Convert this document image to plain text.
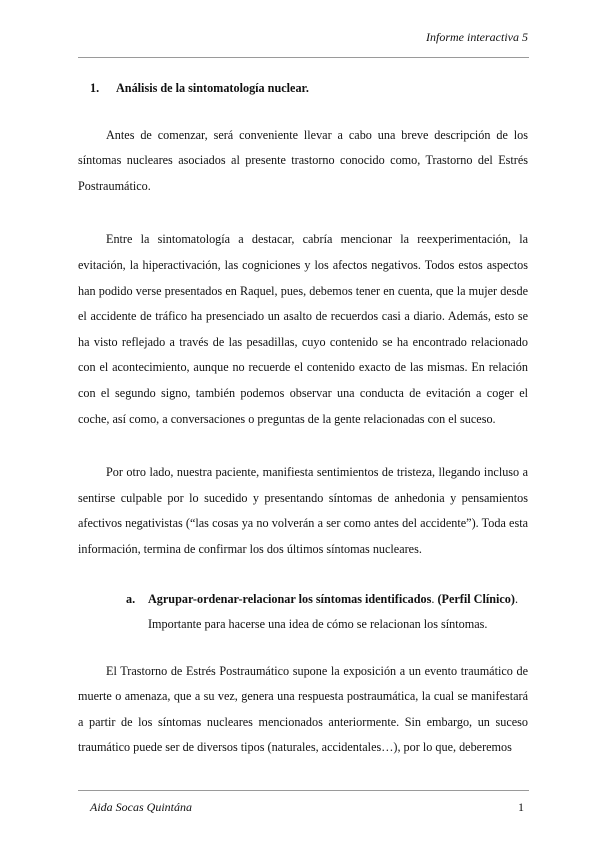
Informe interactiva 5
1. Análisis de la sintomatología nuclear.

Antes de comenzar, será conveniente llevar a cabo una breve descripción de los síntomas nucleares asociados al presente trastorno conocido como, Trastorno del Estrés Postraumático.

Entre la sintomatología a destacar, cabría mencionar la reexperimentación, la evitación, la hiperactivación, las cogniciones y los afectos negativos. Todos estos aspectos han podido verse presentados en Raquel, pues, debemos tener en cuenta, que la mujer desde el accidente de tráfico ha presenciado un asalto de recuerdos casi a diario. Además, esto se ha visto reflejado a través de las pesadillas, cuyo contenido se ha encontrado relacionado con el acontecimiento, aunque no recuerde el contenido exacto de las mismas. En relación con el segundo signo, también podemos observar una conducta de evitación a coger el coche, así como, a conversaciones o preguntas de la gente relacionadas con el suceso.

Por otro lado, nuestra paciente, manifiesta sentimientos de tristeza, llegando incluso a sentirse culpable por lo sucedido y presentando síntomas de anhedonia y pensamientos afectivos negativistas (“las cosas ya no volverán a ser como antes del accidente”). Toda esta información, termina de confirmar los dos últimos síntomas nucleares.

a. Agrupar-ordenar-relacionar los síntomas identificados. (Perfil Clínico).
Importante para hacerse una idea de cómo se relacionan los síntomas.

El Trastorno de Estrés Postraumático supone la exposición a un evento traumático de muerte o amenaza, que a su vez, genera una respuesta postraumática, la cual se manifestará a partir de los síntomas nucleares mencionados anteriormente. Sin embargo, un suceso traumático puede ser de diversos tipos (naturales, accidentales…), por lo que, deberemos

Aida Socas Quintána	1
